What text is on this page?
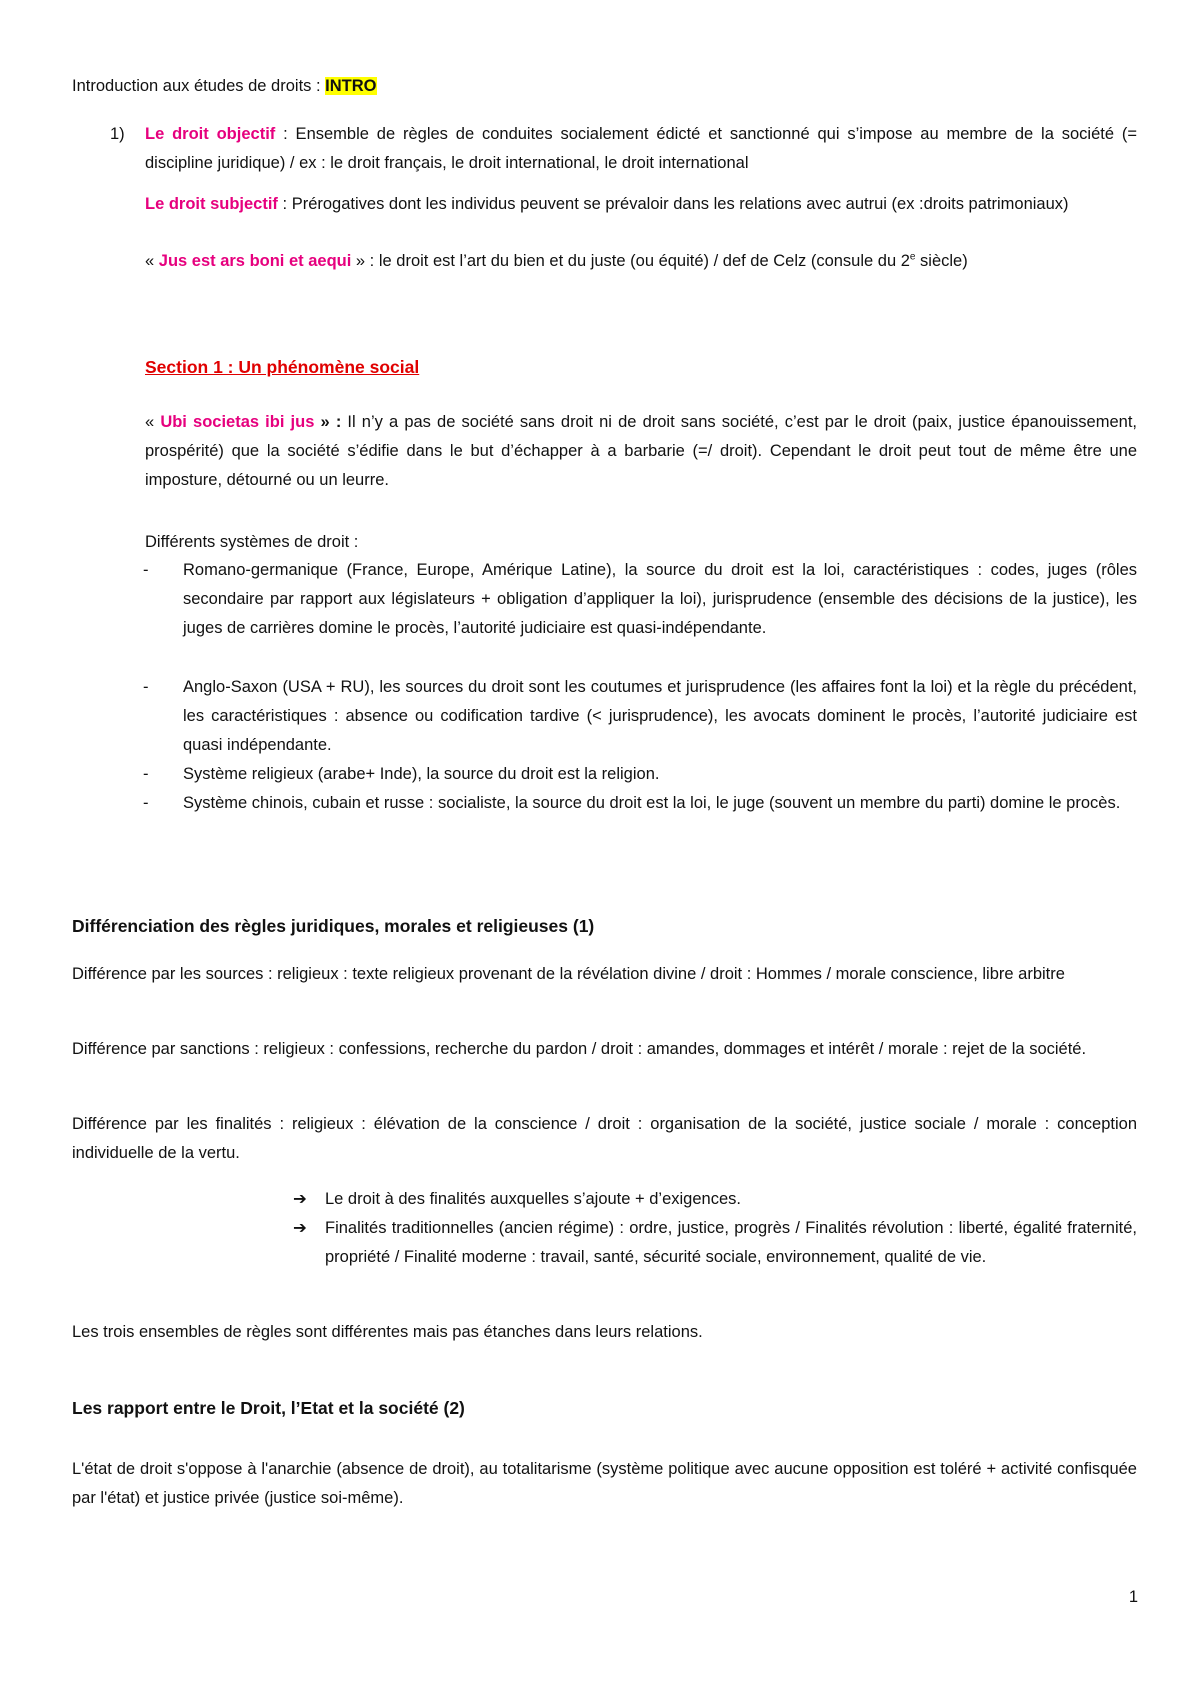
Introduction aux études de droits : INTRO
1) Le droit objectif : Ensemble de règles de conduites socialement édicté et sanctionné qui s’impose au membre de la société (= discipline juridique) / ex : le droit français, le droit international, le droit international
Le droit subjectif : Prérogatives dont les individus peuvent se prévaloir dans les relations avec autrui (ex :droits patrimoniaux)
« Jus est ars boni et aequi » : le droit est l’art du bien et du juste (ou équité) / def de Celz (consule du 2e siècle)
Section 1 : Un phénomène social
« Ubi societas ibi jus » : Il n’y a pas de société sans droit ni de droit sans société, c’est par le droit (paix, justice épanouissement, prospérité) que la société s’édifie dans le but d’échapper à a barbarie (=/ droit). Cependant le droit peut tout de même être une imposture, détourné ou un leurre.
Différents systèmes de droit :
- Romano-germanique (France, Europe, Amérique Latine), la source du droit est la loi, caractéristiques : codes, juges (rôles secondaire par rapport aux législateurs + obligation d’appliquer la loi), jurisprudence (ensemble des décisions de la justice), les juges de carrières domine le procès, l’autorité judiciaire est quasi-indépendante.
- Anglo-Saxon (USA + RU), les sources du droit sont les coutumes et jurisprudence (les affaires font la loi) et la règle du précédent, les caractéristiques : absence ou codification tardive (< jurisprudence), les avocats dominent le procès, l’autorité judiciaire est quasi indépendante.
- Système religieux (arabe+ Inde), la source du droit est la religion.
- Système chinois, cubain et russe : socialiste, la source du droit est la loi, le juge (souvent un membre du parti) domine le procès.
Différenciation des règles juridiques, morales et religieuses (1)
Différence par les sources : religieux : texte religieux provenant de la révélation divine / droit : Hommes / morale conscience, libre arbitre
Différence par sanctions : religieux : confessions, recherche du pardon / droit : amandes, dommages et intérêt / morale : rejet de la société.
Différence par les finalités : religieux : élévation de la conscience / droit : organisation de la société, justice sociale / morale : conception individuelle de la vertu.
➔ Le droit à des finalités auxquelles s’ajoute + d’exigences.
➔ Finalités traditionnelles (ancien régime) : ordre, justice, progrès / Finalités révolution : liberté, égalité fraternité, propriété / Finalité moderne : travail, santé, sécurité sociale, environnement, qualité de vie.
Les trois ensembles de règles sont différentes mais pas étanches dans leurs relations.
Les rapport entre le Droit, l’Etat et la société (2)
L'état de droit s'oppose à l'anarchie (absence de droit), au totalitarisme (système politique avec aucune opposition est toléré + activité confisquée par l'état) et justice privée (justice soi-même).
1
